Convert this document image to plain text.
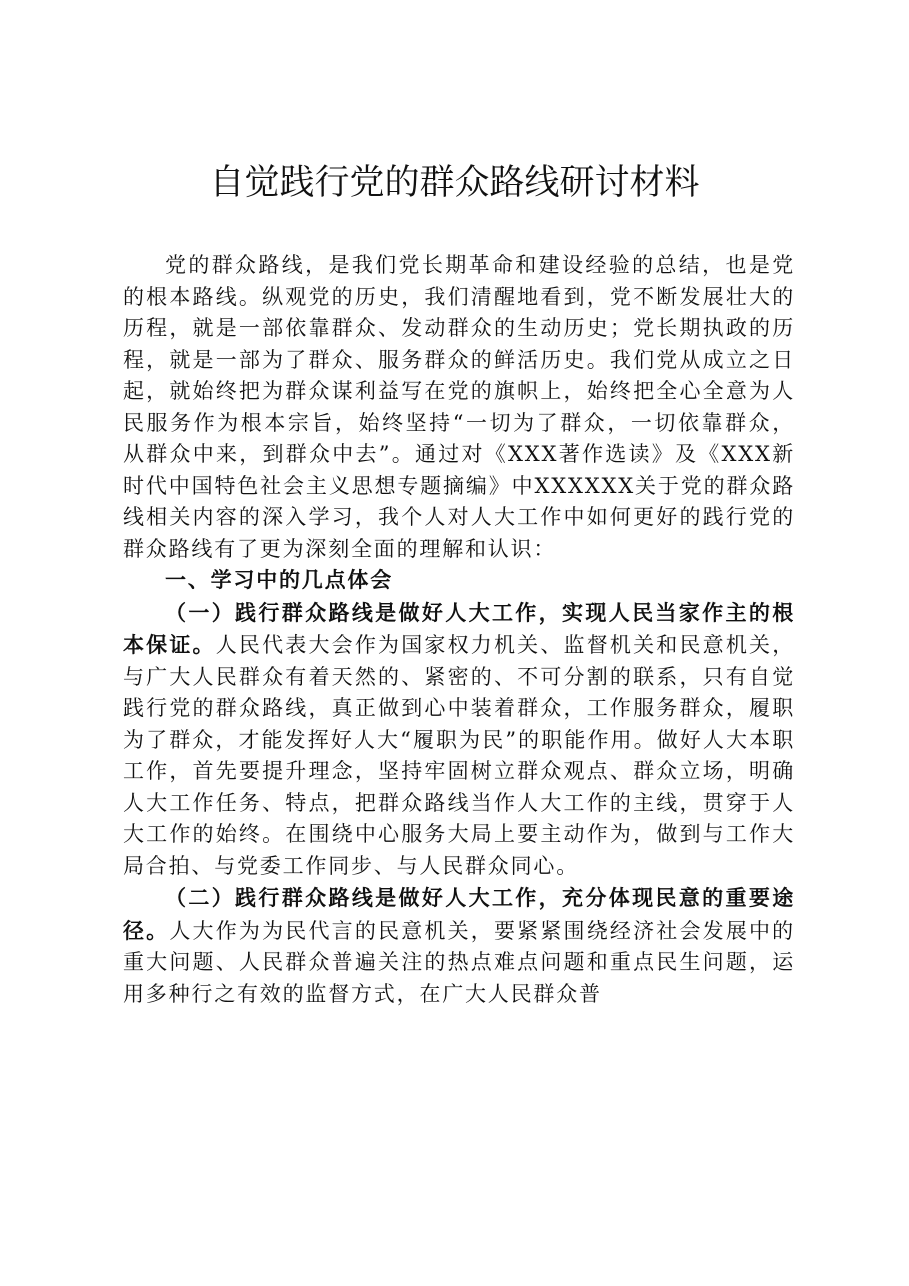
自觉践行党的群众路线研讨材料

党的群众路线，是我们党长期革命和建设经验的总结，也是党的根本路线。纵观党的历史，我们清醒地看到，党不断发展壮大的历程，就是一部依靠群众、发动群众的生动历史；党长期执政的历程，就是一部为了群众、服务群众的鲜活历史。我们党从成立之日起，就始终把为群众谋利益写在党的旗帜上，始终把全心全意为人民服务作为根本宗旨，始终坚持“一切为了群众，一切依靠群众，从群众中来，到群众中去”。通过对《XXX著作选读》及《XXX新时代中国特色社会主义思想专题摘编》中XXXXXX关于党的群众路线相关内容的深入学习，我个人对人大工作中如何更好的践行党的群众路线有了更为深刻全面的理解和认识：

一、学习中的几点体会

（一）践行群众路线是做好人大工作，实现人民当家作主的根本保证。人民代表大会作为国家权力机关、监督机关和民意机关，与广大人民群众有着天然的、紧密的、不可分割的联系，只有自觉践行党的群众路线，真正做到心中装着群众，工作服务群众，履职为了群众，才能发挥好人大“履职为民”的职能作用。做好人大本职工作，首先要提升理念，坚持牢固树立群众观点、群众立场，明确人大工作任务、特点，把群众路线当作人大工作的主线，贯穿于人大工作的始终。在围绕中心服务大局上要主动作为，做到与工作大局合拍、与党委工作同步、与人民群众同心。

（二）践行群众路线是做好人大工作，充分体现民意的重要途径。人大作为为民代言的民意机关，要紧紧围绕经济社会发展中的重大问题、人民群众普遍关注的热点难点问题和重点民生问题，运用多种行之有效的监督方式，在广大人民群众普
